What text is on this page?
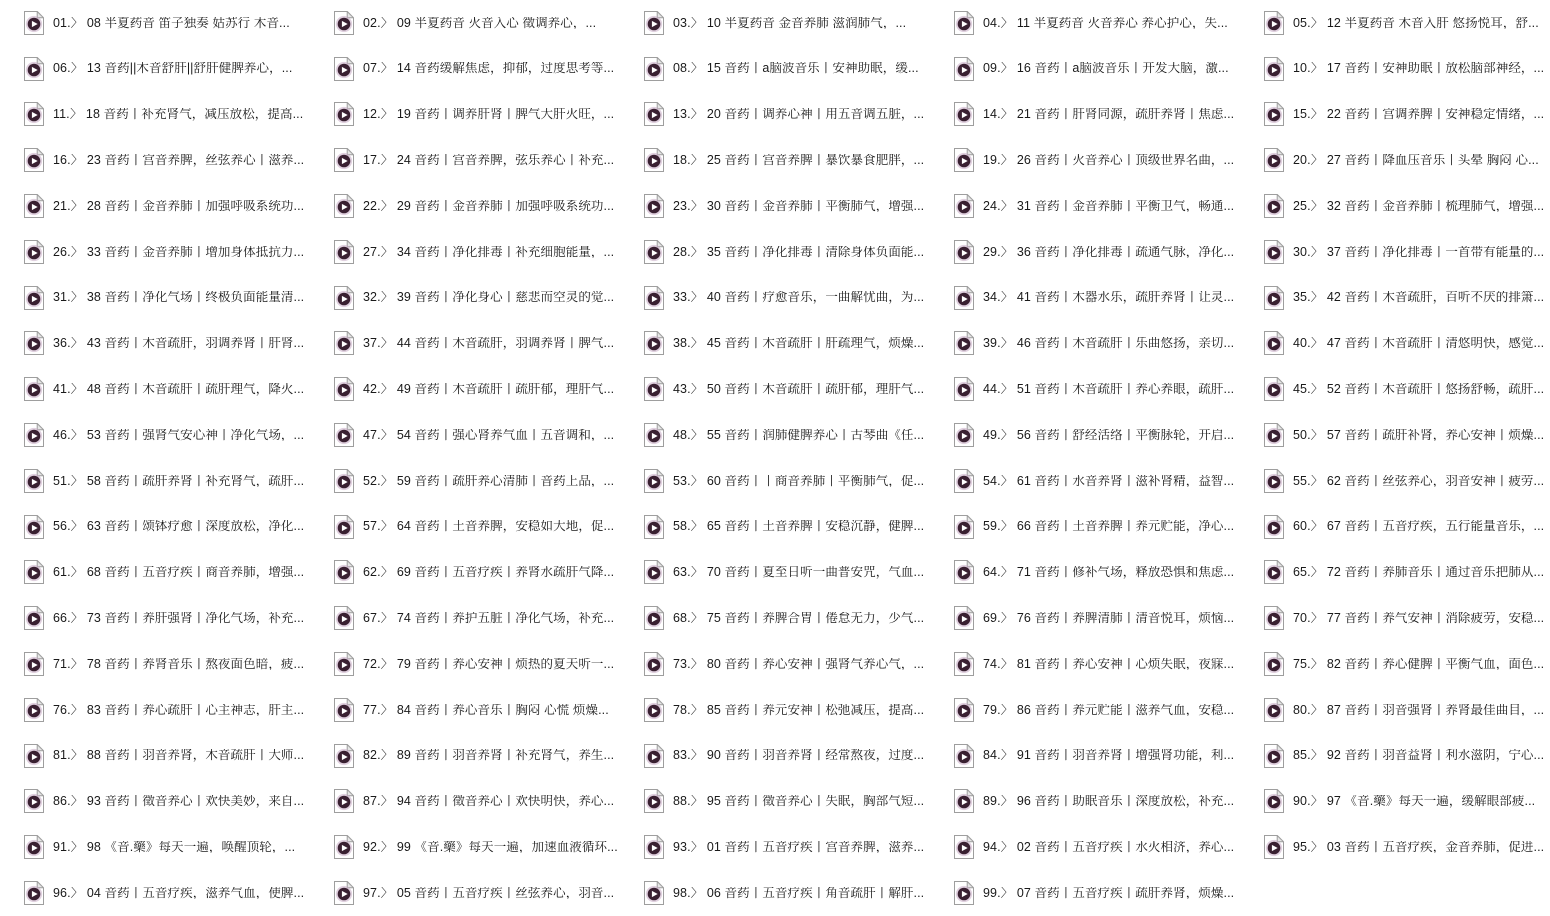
01.〉 08 半夏药音 笛子独奏 姑苏行 木音...	02.〉 09 半夏药音 火音入心 徵调养心，...	03.〉 10 半夏药音 金音养肺 滋润肺气，...	04.〉 11 半夏药音 火音养心 养心护心，失...	05.〉 12 半夏药音 木音入肝 悠扬悦耳，舒...
06.〉 13 音药||木音舒肝||舒肝健脾养心，...	07.〉 14 音药缓解焦虑，抑郁，过度思考等...	08.〉 15 音药丨a脑波音乐丨安神助眠，缓...	09.〉 16 音药丨a脑波音乐丨开发大脑，激...	10.〉 17 音药丨安神助眠丨放松脑部神经，...
11.〉 18 音药丨补充肾气，减压放松，提高...	12.〉 19 音药丨调养肝肾丨脾气大肝火旺，...	13.〉 20 音药丨调养心神丨用五音调五脏，...	14.〉 21 音药丨肝肾同源，疏肝养肾丨焦虑...	15.〉 22 音药丨宫调养脾丨安神稳定情绪，...
16.〉 23 音药丨宫音养脾，丝弦养心丨滋养...	17.〉 24 音药丨宫音养脾，弦乐养心丨补充...	18.〉 25 音药丨宫音养脾丨暴饮暴食肥胖，...	19.〉 26 音药丨火音养心丨顶级世界名曲，...	20.〉 27 音药丨降血压音乐丨头晕 胸闷 心...
21.〉 28 音药丨金音养肺丨加强呼吸系统功...	22.〉 29 音药丨金音养肺丨加强呼吸系统功...	23.〉 30 音药丨金音养肺丨平衡肺气，增强...	24.〉 31 音药丨金音养肺丨平衡卫气，畅通...	25.〉 32 音药丨金音养肺丨梳理肺气，增强...
26.〉 33 音药丨金音养肺丨增加身体抵抗力...	27.〉 34 音药丨净化排毒丨补充细胞能量，...	28.〉 35 音药丨净化排毒丨清除身体负面能...	29.〉 36 音药丨净化排毒丨疏通气脉，净化...	30.〉 37 音药丨净化排毒丨一首带有能量的...
31.〉 38 音药丨净化气场丨终极负面能量清...	32.〉 39 音药丨净化身心丨慈悲而空灵的觉...	33.〉 40 音药丨疗愈音乐，一曲解忧曲，为...	34.〉 41 音药丨木器水乐，疏肝养肾丨让灵...	35.〉 42 音药丨木音疏肝，百听不厌的排箫...
36.〉 43 音药丨木音疏肝，羽调养肾丨肝肾...	37.〉 44 音药丨木音疏肝，羽调养肾丨脾气...	38.〉 45 音药丨木音疏肝丨肝疏理气，烦燥...	39.〉 46 音药丨木音疏肝丨乐曲悠扬，亲切...	40.〉 47 音药丨木音疏肝丨清悠明快，感觉...
41.〉 48 音药丨木音疏肝丨疏肝理气，降火...	42.〉 49 音药丨木音疏肝丨疏肝郁，理肝气...	43.〉 50 音药丨木音疏肝丨疏肝郁，理肝气...	44.〉 51 音药丨木音疏肝丨养心养眼，疏肝...	45.〉 52 音药丨木音疏肝丨悠扬舒畅，疏肝...
46.〉 53 音药丨强肾气安心神丨净化气场，...	47.〉 54 音药丨强心肾养气血丨五音调和，...	48.〉 55 音药丨润肺健脾养心丨古琴曲《任...	49.〉 56 音药丨舒经活络丨平衡脉轮，开启...	50.〉 57 音药丨疏肝补肾，养心安神丨烦燥...
51.〉 58 音药丨疏肝养肾丨补充肾气，疏肝...	52.〉 59 音药丨疏肝养心清肺丨音药上品，...	53.〉 60 音药丨丨商音养肺丨平衡肺气，促...	54.〉 61 音药丨水音养肾丨滋补肾精，益智...	55.〉 62 音药丨丝弦养心，羽音安神丨疲劳...
56.〉 63 音药丨颂钵疗愈丨深度放松，净化...	57.〉 64 音药丨土音养脾，安稳如大地，促...	58.〉 65 音药丨土音养脾丨安稳沉静，健脾...	59.〉 66 音药丨土音养脾丨养元贮能，净心...	60.〉 67 音药丨五音疗疾，五行能量音乐，...
61.〉 68 音药丨五音疗疾丨商音养肺，增强...	62.〉 69 音药丨五音疗疾丨养肾水疏肝气降...	63.〉 70 音药丨夏至日听一曲普安咒，气血...	64.〉 71 音药丨修补气场，释放恐惧和焦虑...	65.〉 72 音药丨养肺音乐丨通过音乐把肺从...
66.〉 73 音药丨养肝强肾丨净化气场，补充...	67.〉 74 音药丨养护五脏丨净化气场，补充...	68.〉 75 音药丨养脾合胃丨倦怠无力，少气...	69.〉 76 音药丨养脾清肺丨清音悦耳，烦恼...	70.〉 77 音药丨养气安神丨消除疲劳，安稳...
71.〉 78 音药丨养肾音乐丨熬夜面色暗，疲...	72.〉 79 音药丨养心安神丨烦热的夏天听一...	73.〉 80 音药丨养心安神丨强肾气养心气，...	74.〉 81 音药丨养心安神丨心烦失眠，夜寐...	75.〉 82 音药丨养心健脾丨平衡气血，面色...
76.〉 83 音药丨养心疏肝丨心主神志，肝主...	77.〉 84 音药丨养心音乐丨胸闷 心慌 烦燥...	78.〉 85 音药丨养元安神丨松弛减压，提高...	79.〉 86 音药丨养元贮能丨滋养气血，安稳...	80.〉 87 音药丨羽音强肾丨养肾最佳曲目，...
81.〉 88 音药丨羽音养肾，木音疏肝丨大师...	82.〉 89 音药丨羽音养肾丨补充肾气，养生...	83.〉 90 音药丨羽音养肾丨经常熬夜，过度...	84.〉 91 音药丨羽音养肾丨增强肾功能，利...	85.〉 92 音药丨羽音益肾丨利水滋阴，宁心...
86.〉 93 音药丨徵音养心丨欢快美妙，来自...	87.〉 94 音药丨徵音养心丨欢快明快，养心...	88.〉 95 音药丨徵音养心丨失眠，胸部气短...	89.〉 96 音药丨助眠音乐丨深度放松，补充...	90.〉 97 《音.藥》每天一遍，缓解眼部疲...
91.〉 98 《音.藥》每天一遍，唤醒顶轮，...	92.〉 99 《音.藥》每天一遍，加速血液循环...	93.〉 01 音药丨五音疗疾丨宫音养脾，滋养...	94.〉 02 音药丨五音疗疾丨水火相济，养心...	95.〉 03 音药丨五音疗疾，金音养肺，促进...
96.〉 04 音药丨五音疗疾，滋养气血，使脾...	97.〉 05 音药丨五音疗疾丨丝弦养心，羽音...	98.〉 06 音药丨五音疗疾丨角音疏肝丨解肝...	99.〉 07 音药丨五音疗疾丨疏肝养肾，烦燥...
